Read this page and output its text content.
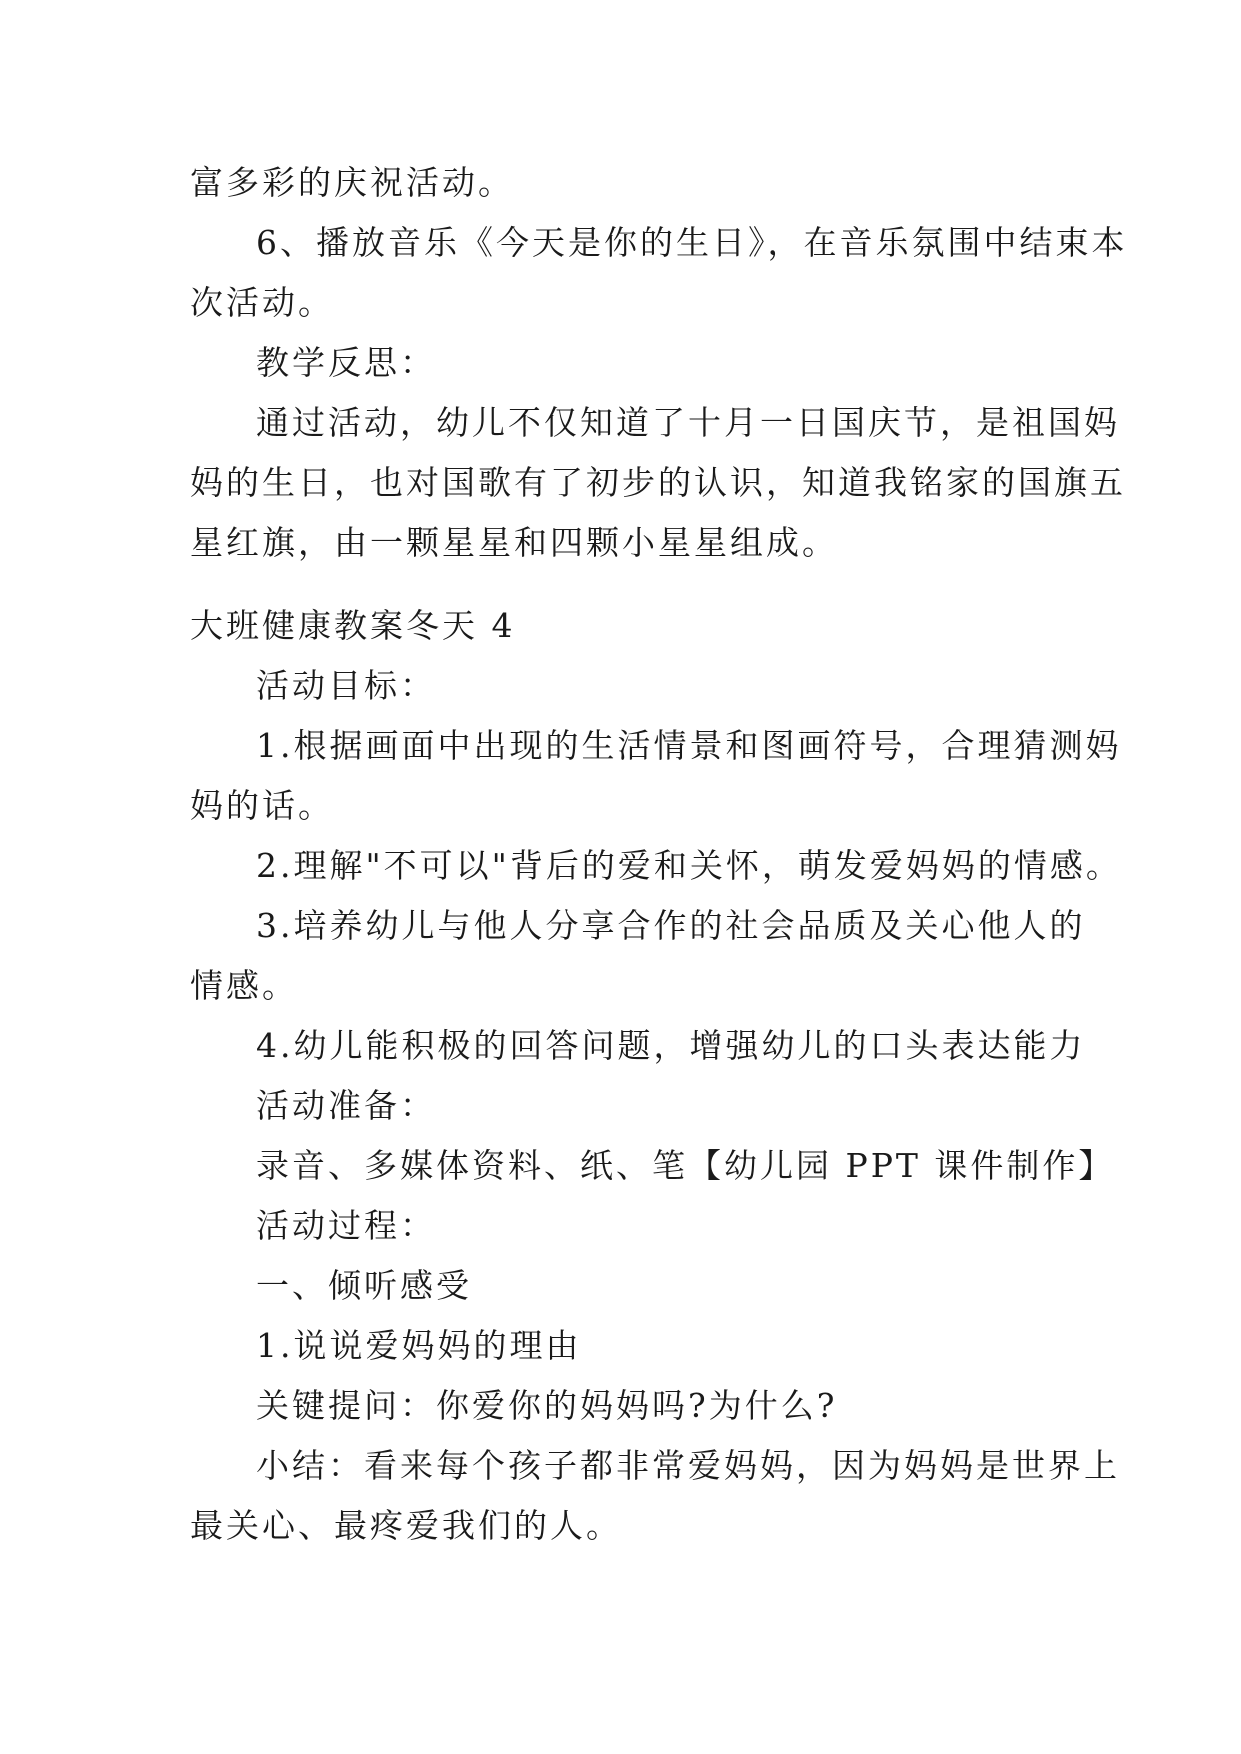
富多彩的庆祝活动。
6、播放音乐《今天是你的生日》，在音乐氛围中结束本
次活动。
教学反思：
通过活动，幼儿不仅知道了十月一日国庆节，是祖国妈
妈的生日，也对国歌有了初步的认识，知道我铭家的国旗五
星红旗，由一颗星星和四颗小星星组成。
大班健康教案冬天 4
活动目标：
1.根据画面中出现的生活情景和图画符号，合理猜测妈
妈的话。
2.理解"不可以"背后的爱和关怀，萌发爱妈妈的情感。
3.培养幼儿与他人分享合作的社会品质及关心他人的
情感。
4.幼儿能积极的回答问题，增强幼儿的口头表达能力
活动准备：
录音、多媒体资料、纸、笔【幼儿园 PPT 课件制作】
活动过程：
一、倾听感受
1.说说爱妈妈的理由
关键提问：你爱你的妈妈吗?为什么?
小结：看来每个孩子都非常爱妈妈，因为妈妈是世界上
最关心、最疼爱我们的人。
